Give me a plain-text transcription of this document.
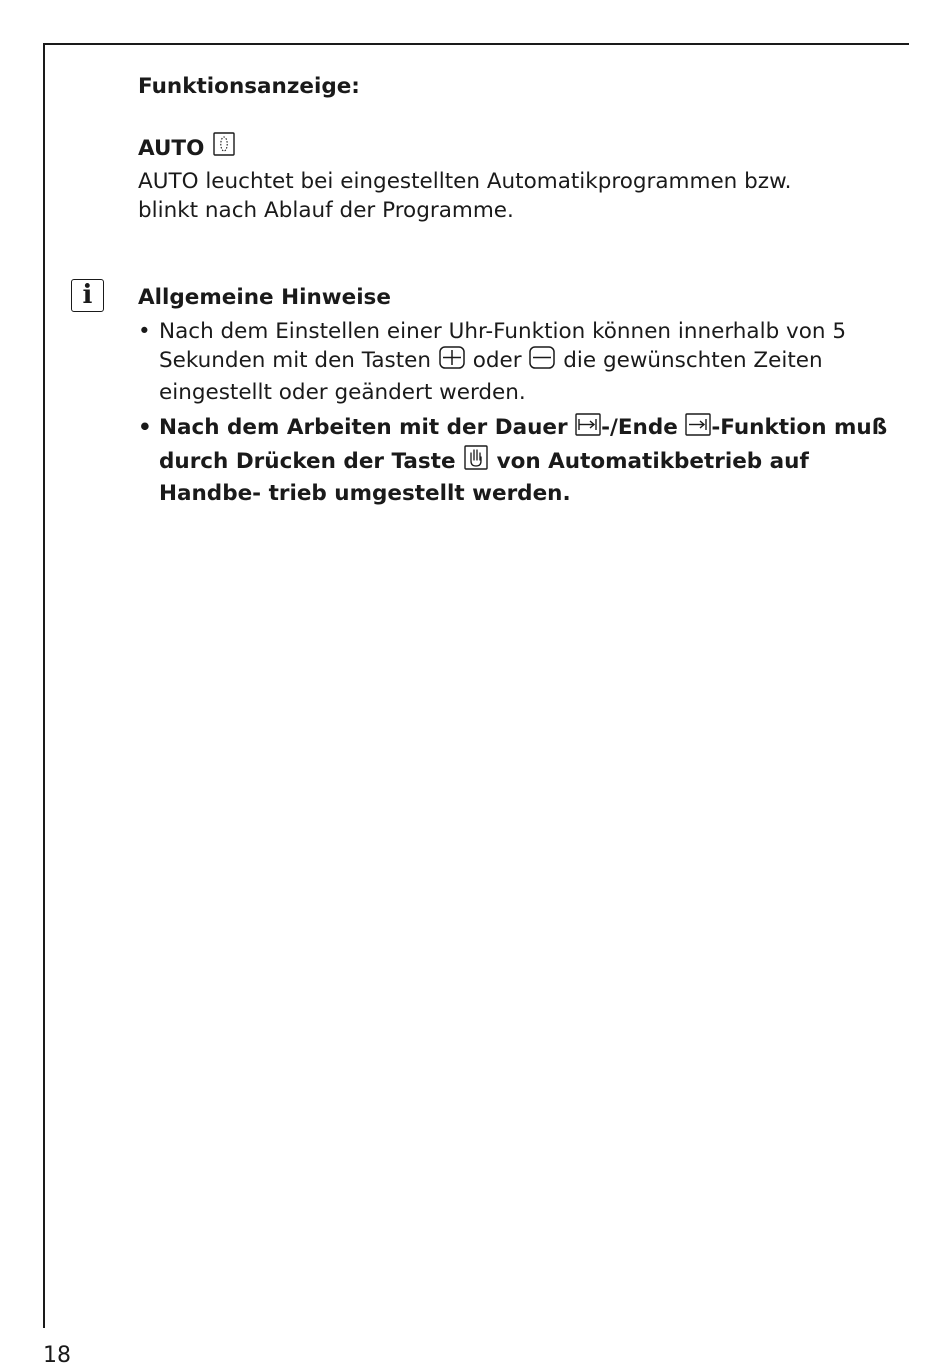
i

Funktionsanzeige:

AUTO

AUTO leuchtet bei eingestellten Automatikprogrammen bzw. blinkt nach Ablauf der Programme.

Allgemeine Hinweise

• Nach dem Einstellen einer Uhr-Funktion können innerhalb von 5 Sekunden mit den Tasten oder die gewünschten Zeiten eingestellt oder geändert werden.
• Nach dem Arbeiten mit der Dauer -/Ende -Funktion muß durch Drücken der Taste von Automatikbetrieb auf Handbe- trieb umgestellt werden.
18
